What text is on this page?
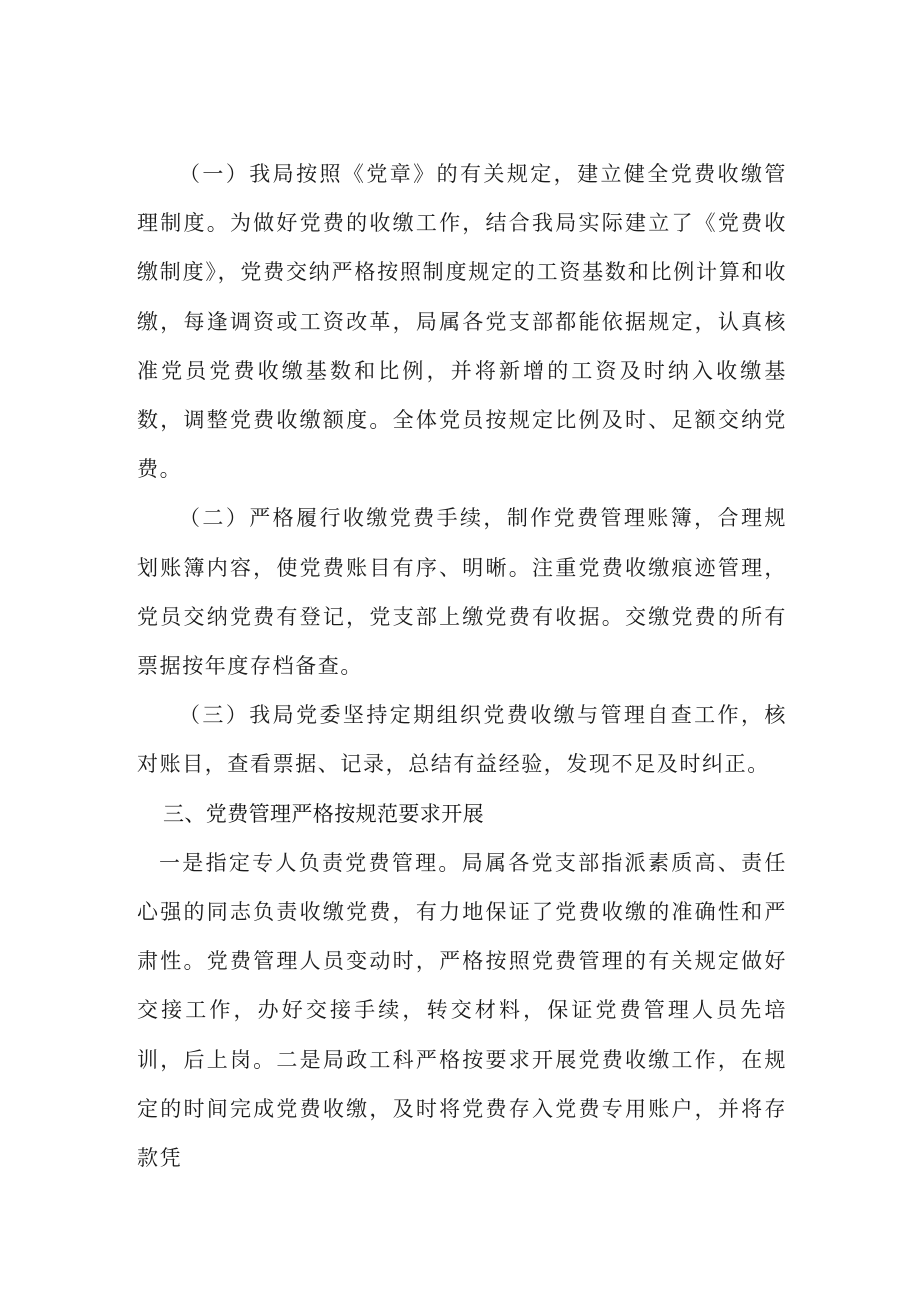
（一）我局按照《党章》的有关规定，建立健全党费收缴管理制度。为做好党费的收缴工作，结合我局实际建立了《党费收缴制度》，党费交纳严格按照制度规定的工资基数和比例计算和收缴，每逢调资或工资改革，局属各党支部都能依据规定，认真核准党员党费收缴基数和比例，并将新增的工资及时纳入收缴基数，调整党费收缴额度。全体党员按规定比例及时、足额交纳党费。

（二）严格履行收缴党费手续，制作党费管理账簿，合理规划账簿内容，使党费账目有序、明晰。注重党费收缴痕迹管理，党员交纳党费有登记，党支部上缴党费有收据。交缴党费的所有票据按年度存档备查。

（三）我局党委坚持定期组织党费收缴与管理自查工作，核对账目，查看票据、记录，总结有益经验，发现不足及时纠正。

三、党费管理严格按规范要求开展

一是指定专人负责党费管理。局属各党支部指派素质高、责任心强的同志负责收缴党费，有力地保证了党费收缴的准确性和严肃性。党费管理人员变动时，严格按照党费管理的有关规定做好交接工作，办好交接手续，转交材料，保证党费管理人员先培训，后上岗。二是局政工科严格按要求开展党费收缴工作，在规定的时间完成党费收缴，及时将党费存入党费专用账户，并将存款凭
